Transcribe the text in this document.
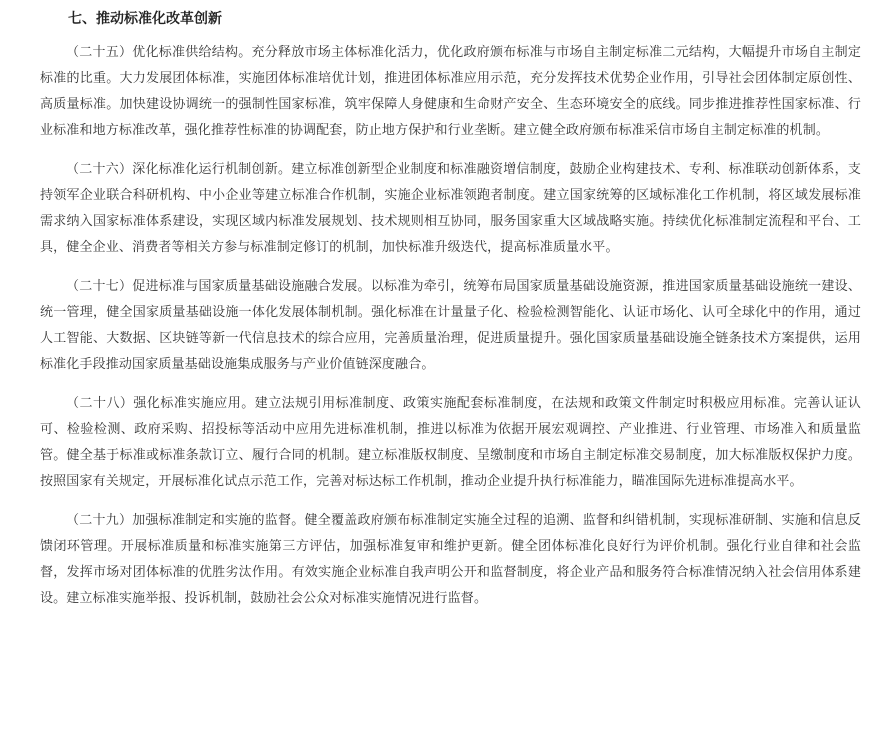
七、推动标准化改革创新

（二十五）优化标准供给结构。充分释放市场主体标准化活力，优化政府颁布标准与市场自主制定标准二元结构，大幅提升市场自主制定标准的比重。大力发展团体标准，实施团体标准培优计划，推进团体标准应用示范，充分发挥技术优势企业作用，引导社会团体制定原创性、高质量标准。加快建设协调统一的强制性国家标准，筑牢保障人身健康和生命财产安全、生态环境安全的底线。同步推进推荐性国家标准、行业标准和地方标准改革，强化推荐性标准的协调配套，防止地方保护和行业垄断。建立健全政府颁布标准采信市场自主制定标准的机制。

（二十六）深化标准化运行机制创新。建立标准创新型企业制度和标准融资增信制度，鼓励企业构建技术、专利、标准联动创新体系，支持领军企业联合科研机构、中小企业等建立标准合作机制，实施企业标准领跑者制度。建立国家统筹的区域标准化工作机制，将区域发展标准需求纳入国家标准体系建设，实现区域内标准发展规划、技术规则相互协同，服务国家重大区域战略实施。持续优化标准制定流程和平台、工具，健全企业、消费者等相关方参与标准制定修订的机制，加快标准升级迭代，提高标准质量水平。

（二十七）促进标准与国家质量基础设施融合发展。以标准为牵引，统筹布局国家质量基础设施资源，推进国家质量基础设施统一建设、统一管理，健全国家质量基础设施一体化发展体制机制。强化标准在计量量子化、检验检测智能化、认证市场化、认可全球化中的作用，通过人工智能、大数据、区块链等新一代信息技术的综合应用，完善质量治理，促进质量提升。强化国家质量基础设施全链条技术方案提供，运用标准化手段推动国家质量基础设施集成服务与产业价值链深度融合。

（二十八）强化标准实施应用。建立法规引用标准制度、政策实施配套标准制度，在法规和政策文件制定时积极应用标准。完善认证认可、检验检测、政府采购、招投标等活动中应用先进标准机制，推进以标准为依据开展宏观调控、产业推进、行业管理、市场准入和质量监管。健全基于标准或标准条款订立、履行合同的机制。建立标准版权制度、呈缴制度和市场自主制定标准交易制度，加大标准版权保护力度。按照国家有关规定，开展标准化试点示范工作，完善对标达标工作机制，推动企业提升执行标准能力，瞄准国际先进标准提高水平。

（二十九）加强标准制定和实施的监督。健全覆盖政府颁布标准制定实施全过程的追溯、监督和纠错机制，实现标准研制、实施和信息反馈闭环管理。开展标准质量和标准实施第三方评估，加强标准复审和维护更新。健全团体标准化良好行为评价机制。强化行业自律和社会监督，发挥市场对团体标准的优胜劣汰作用。有效实施企业标准自我声明公开和监督制度，将企业产品和服务符合标准情况纳入社会信用体系建设。建立标准实施举报、投诉机制，鼓励社会公众对标准实施情况进行监督。
